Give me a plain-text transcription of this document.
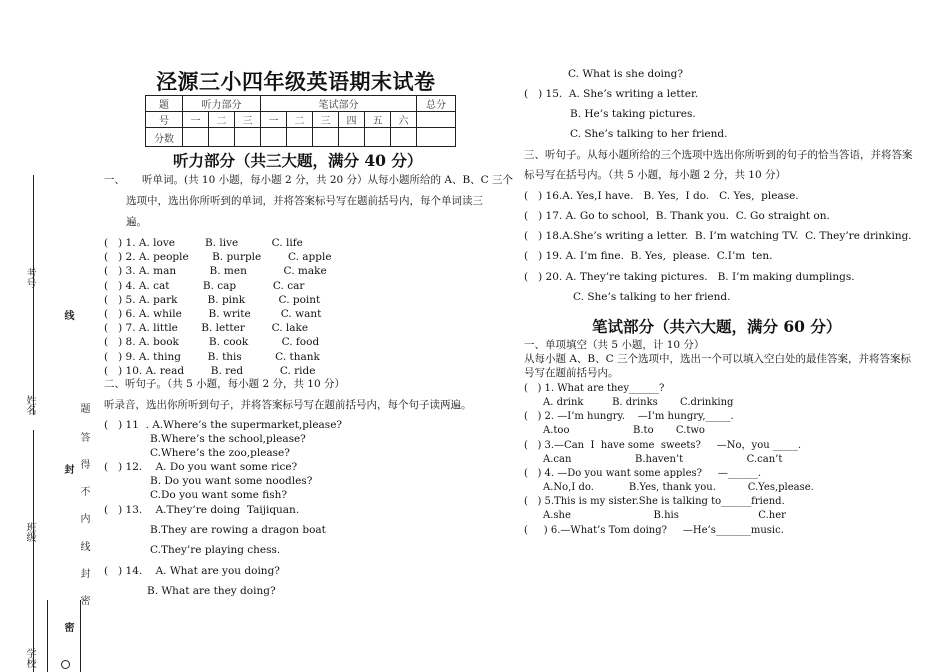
考号
姓名
班级
学校
线
封
密
题
答
得
不
内
线
封
密
泾源三小四年级英语期末试卷
题	听力部分			笔试部分						总分
号	一	二	三	一	二	三	四	五	六	
分数										
听力部分（共三大题，满分 40 分）
一、 听单词。(共 10 小题，每小题 2 分，共 20 分）从每小题所给的 A、B、C 三个
选项中，选出你所听到的单词，并将答案标号写在题前括号内，每个单词读三
遍。
(   ) 1. A. love         B. live          C. life
(   ) 2. A. people       B. purple        C. apple
(   ) 3. A. man          B. men           C. make
(   ) 4. A. cat          B. cap           C. car
(   ) 5. A. park         B. pink          C. point
(   ) 6. A. while        B. write         C. want
(   ) 7. A. little       B. letter        C. lake
(   ) 8. A. book         B. cook          C. food
(   ) 9. A. thing        B. this          C. thank
(   ) 10. A. read        B. red           C. ride
二、听句子。（共 5 小题，每小题 2 分，共 10 分）
听录音，选出你所听到句子，并将答案标号写在题前括号内，每个句子读两遍。
(   ) 11  . A.Where’s the supermarket,please?
B.Where’s the school,please?
C.Where’s the zoo,please?
(   ) 12.    A. Do you want some rice?
B. Do you want some noodles?
C.Do you want some fish?
(   ) 13.    A.They’re doing  Taijiquan.
B.They are rowing a dragon boat
C.They’re playing chess.
(   ) 14.    A. What are you doing?
B. What are they doing?
C. What is she doing?
(   ) 15.  A. She’s writing a letter.
B. He’s taking pictures.
C. She’s talking to her friend.
三、听句子。从每小题所给的三个选项中选出你所听到的句子的恰当答语，并将答案
标号写在括号内。（共 5 小题，每小题 2 分，共 10 分）
(   ) 16.A. Yes,I have.   B. Yes,  I do.   C. Yes,  please.
(   ) 17. A. Go to school,  B. Thank you.  C. Go straight on.
(   ) 18.A.She’s writing a letter.  B. I’m watching TV.  C. They’re drinking.
(   ) 19. A. I’m fine.  B. Yes,  please.  C.I’m  ten.
(   ) 20. A. They’re taking pictures.   B. I’m making dumplings.
C. She’s talking to her friend.
笔试部分（共六大题，满分 60 分）
一、单项填空（共 5 小题，计 10 分）
从每小题 A、B、C 三个选项中，选出一个可以填入空白处的最佳答案，并将答案标
号写在题前括号内。
(   ) 1. What are they______?
A. drink         B. drinks       C.drinking
(   ) 2. —I’m hungry.    —I’m hungry,_____.
A.too                    B.to       C.two
(   ) 3.—Can  I  have some  sweets?     —No，you _____.
A.can                    B.haven’t                    C.can’t
(   ) 4. —Do you want some apples?     —______.
A.No,I do.           B.Yes, thank you.          C.Yes,please.
(   ) 5.This is my sister.She is talking to______friend.
A.she                          B.his                         C.her
(     ) 6.—What’s Tom doing?     —He’s_______music.
